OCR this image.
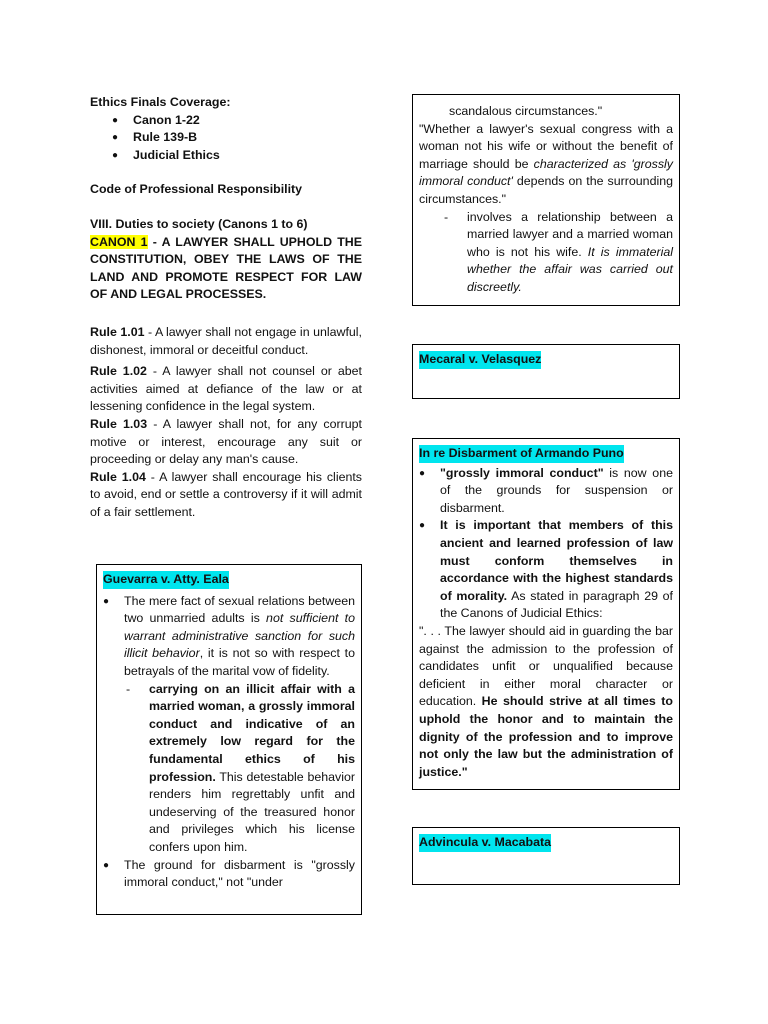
Ethics Finals Coverage:

● Canon 1-22
● Rule 139-B
● Judicial Ethics

Code of Professional Responsibility

VIII. Duties to society (Canons 1 to 6)

CANON 1 - A LAWYER SHALL UPHOLD THE CONSTITUTION, OBEY THE LAWS OF THE LAND AND PROMOTE RESPECT FOR LAW OF AND LEGAL PROCESSES.

Rule 1.01 - A lawyer shall not engage in unlawful, dishonest, immoral or deceitful conduct.

Rule 1.02 - A lawyer shall not counsel or abet activities aimed at defiance of the law or at lessening confidence in the legal system.

Rule 1.03 - A lawyer shall not, for any corrupt motive or interest, encourage any suit or proceeding or delay any man's cause.

Rule 1.04 - A lawyer shall encourage his clients to avoid, end or settle a controversy if it will admit of a fair settlement.

Guevarra v. Atty. Eala
● The mere fact of sexual relations between two unmarried adults is not sufficient to warrant administrative sanction for such illicit behavior, it is not so with respect to betrayals of the marital vow of fidelity.
- carrying on an illicit affair with a married woman, a grossly immoral conduct and indicative of an extremely low regard for the fundamental ethics of his profession. This detestable behavior renders him regrettably unfit and undeserving of the treasured honor and privileges which his license confers upon him.
● The ground for disbarment is "grossly immoral conduct," not "under

scandalous circumstances."

"Whether a lawyer's sexual congress with a woman not his wife or without the benefit of marriage should be characterized as 'grossly immoral conduct' depends on the surrounding circumstances."

- involves a relationship between a married lawyer and a married woman who is not his wife. It is immaterial whether the affair was carried out discreetly.
Mecaral v. Velasquez
In re Disbarment of Armando Puno
● "grossly immoral conduct" is now one of the grounds for suspension or disbarment.
● It is important that members of this ancient and learned profession of law must conform themselves in accordance with the highest standards of morality. As stated in paragraph 29 of the Canons of Judicial Ethics:

". . . The lawyer should aid in guarding the bar against the admission to the profession of candidates unfit or unqualified because deficient in either moral character or education. He should strive at all times to uphold the honor and to maintain the dignity of the profession and to improve not only the law but the administration of justice."

Advincula v. Macabata
